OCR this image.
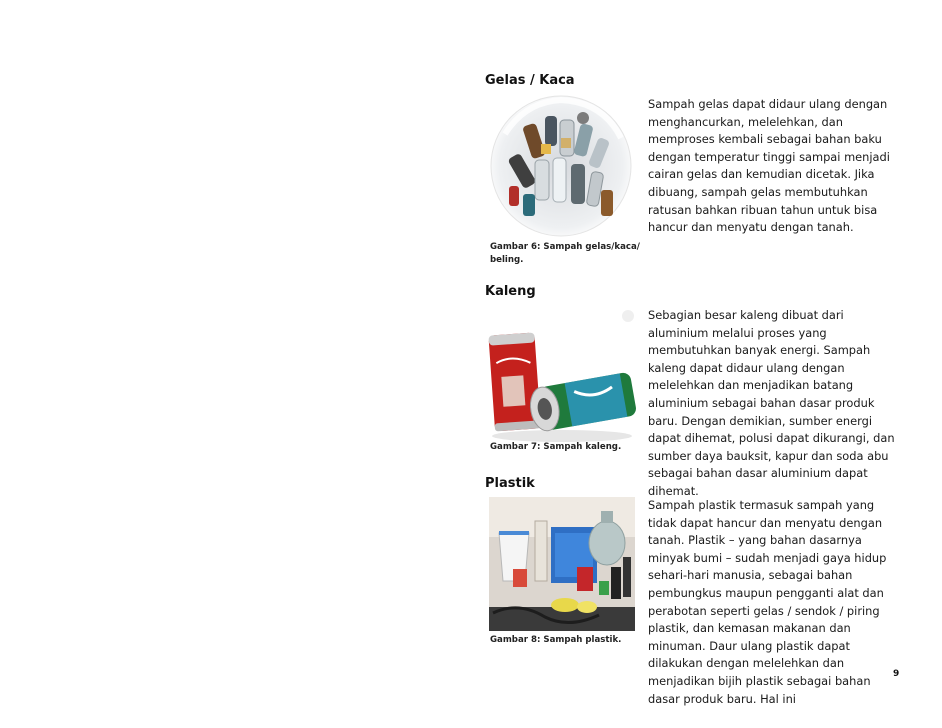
Gelas / Kaca

Sampah gelas dapat didaur ulang dengan menghancurkan, melelehkan, dan memproses kembali sebagai bahan baku dengan temperatur tinggi sampai menjadi cairan gelas dan kemudian dicetak. Jika dibuang, sampah gelas membutuhkan ratusan bahkan ribuan tahun untuk bisa hancur dan menyatu dengan tanah.

Gambar 6: Sampah gelas/kaca/ beling.
Kaleng

Sebagian besar kaleng dibuat dari aluminium melalui proses yang membutuhkan banyak energi. Sampah kaleng dapat didaur ulang dengan melelehkan dan menjadikan batang aluminium sebagai bahan dasar produk baru. Dengan demikian, sumber energi dapat dihemat, polusi dapat dikurangi, dan sumber daya bauksit, kapur dan soda abu sebagai bahan dasar aluminium dapat dihemat.

Gambar 7: Sampah kaleng.
Plastik

Sampah plastik termasuk sampah yang tidak dapat hancur dan menyatu dengan tanah. Plastik – yang bahan dasarnya minyak bumi – sudah menjadi gaya hidup sehari-hari manusia, sebagai bahan pembungkus maupun pengganti alat dan perabotan seperti gelas / sendok / piring plastik, dan kemasan makanan dan minuman. Daur ulang plastik dapat dilakukan dengan melelehkan dan menjadikan bijih plastik sebagai bahan dasar produk baru. Hal ini

Gambar 8: Sampah plastik.
9
